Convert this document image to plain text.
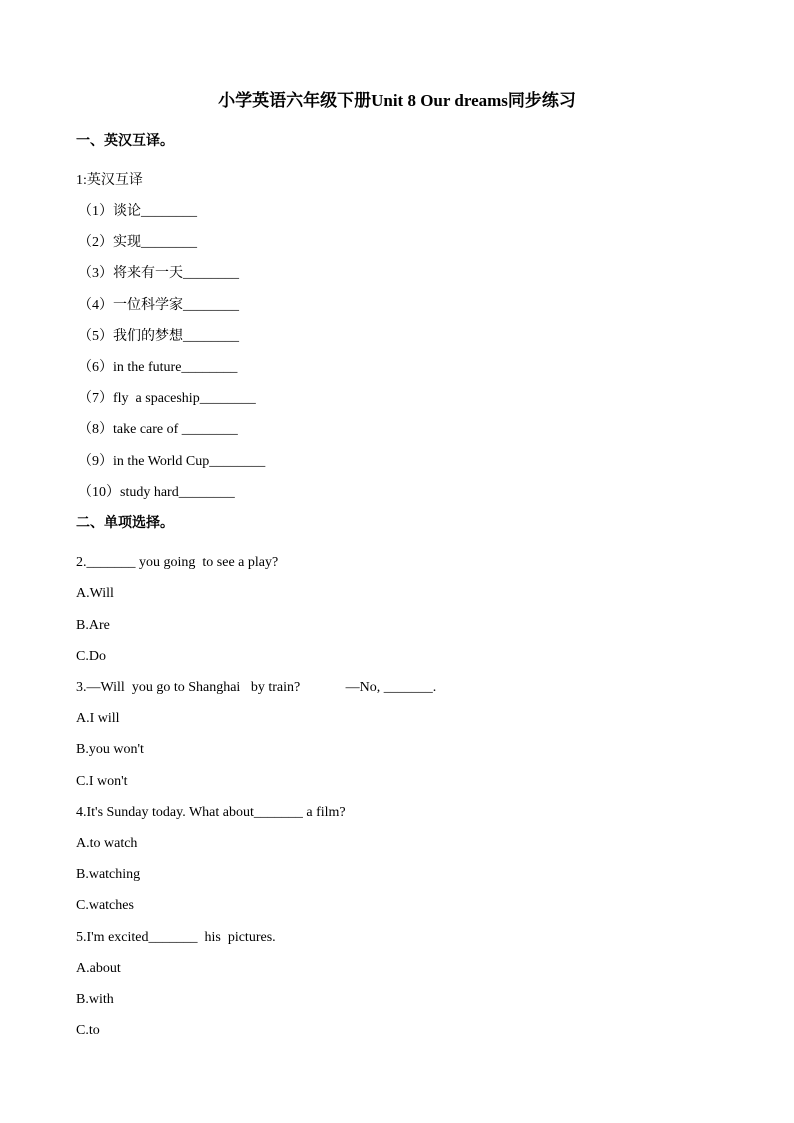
小学英语六年级下册Unit 8 Our dreams同步练习
一、英汉互译。
1:英汉互译
（1）谈论________
（2）实现________
（3）将来有一天________
（4）一位科学家________
（5）我们的梦想________
（6）in the future________
（7）fly  a spaceship________
（8）take care of ________
（9）in the World Cup________
（10）study hard________
二、单项选择。
2._______ you going  to see a play?
A.Will
B.Are
C.Do
3.—Will  you go to Shanghai   by train?             —No, _______.
A.I will
B.you won't
C.I won't
4.It's Sunday today. What about_______ a film?
A.to watch
B.watching
C.watches
5.I'm excited_______  his  pictures.
A.about
B.with
C.to
